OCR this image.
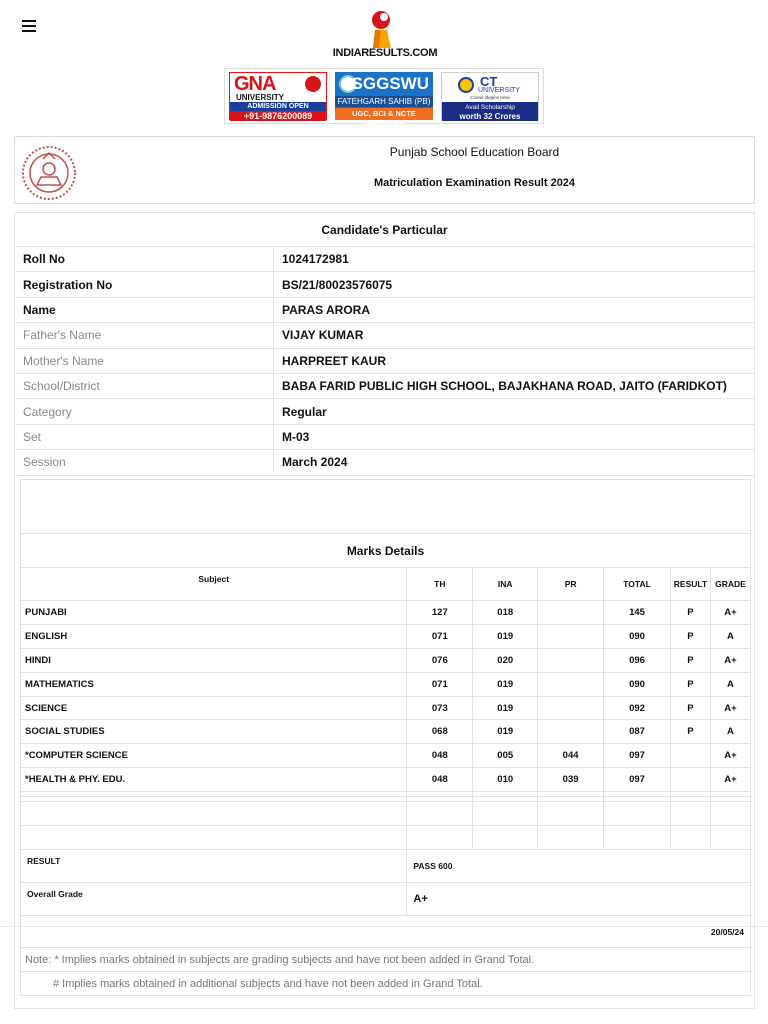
INDIARESULTS.COM
GNA
UNIVERSITY
ADMISSION OPEN
+91-9876200089
SGGSWU
FATEHGARH SAHIB (PB)
UGC, BCI & NCTE APPROVED
CT
UNIVERSITY
Career Begins Here
Avail Scholarship
worth 32 Crores
Punjab School Education Board
Matriculation Examination Result 2024
Candidate's Particular	
Roll No	1024172981
Registration No	BS/21/80023576075
Name	PARAS ARORA
Father's Name	VIJAY KUMAR
Mother's Name	HARPREET KAUR
School/District	BABA FARID PUBLIC HIGH SCHOOL, BAJAKHANA ROAD, JAITO (FARIDKOT)
Category	Regular
Set	M-03
Session	March 2024

Marks Details						
Subject	TH	INA	PR	TOTAL	RESULT	GRADE
PUNJABI	127	018		145	P	A+
ENGLISH	071	019		090	P	A
HINDI	076	020		096	P	A+
MATHEMATICS	071	019		090	P	A
SCIENCE	073	019		092	P	A+
SOCIAL STUDIES	068	019		087	P	A
*COMPUTER SCIENCE	048	005	044	097		A+
*HEALTH & PHY. EDU.	048	010	039	097		A+

RESULT	PASS 600					
Overall Grade	A+					
20/05/24						
Note: * Implies marks obtained in subjects are grading subjects and have not been added in Grand Total.						
# Implies marks obtained in additional subjects and have not been added in Grand Total.						
